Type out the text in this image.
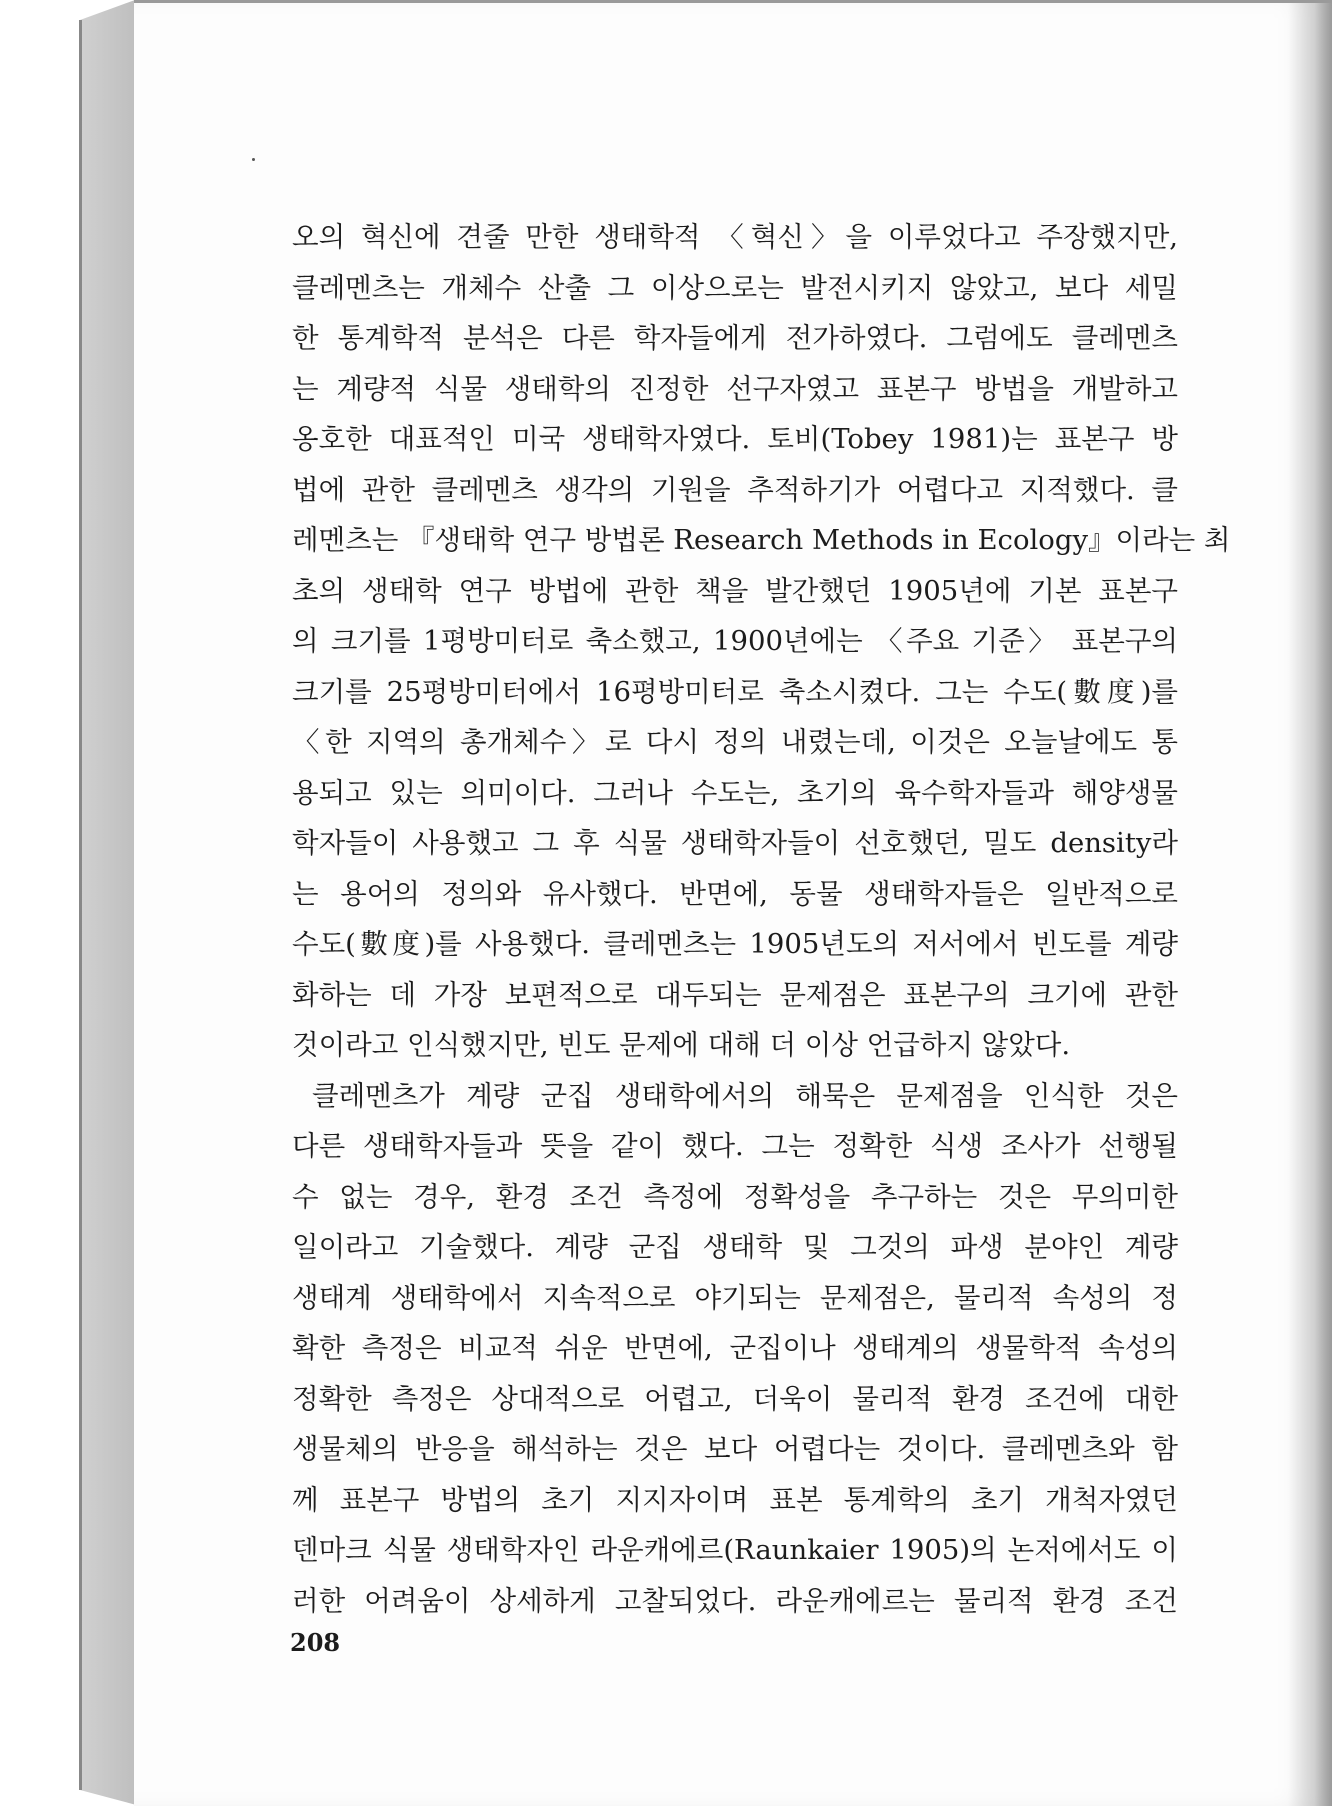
오의 혁신에 견줄 만한 생태학적 〈혁신〉을 이루었다고 주장했지만,
클레멘츠는 개체수 산출 그 이상으로는 발전시키지 않았고, 보다 세밀
한 통계학적 분석은 다른 학자들에게 전가하였다. 그럼에도 클레멘츠
는 계량적 식물 생태학의 진정한 선구자였고 표본구 방법을 개발하고
옹호한 대표적인 미국 생태학자였다. 토비(Tobey 1981)는 표본구 방
법에 관한 클레멘츠 생각의 기원을 추적하기가 어렵다고 지적했다. 클
레멘츠는 『생태학 연구 방법론 Research Methods in Ecology』이라는 최
초의 생태학 연구 방법에 관한 책을 발간했던 1905년에 기본 표본구
의 크기를 1평방미터로 축소했고, 1900년에는 〈주요 기준〉 표본구의
크기를 25평방미터에서 16평방미터로 축소시켰다. 그는 수도(數度)를
〈한 지역의 총개체수〉로 다시 정의 내렸는데, 이것은 오늘날에도 통
용되고 있는 의미이다. 그러나 수도는, 초기의 육수학자들과 해양생물
학자들이 사용했고 그 후 식물 생태학자들이 선호했던, 밀도 density라
는 용어의 정의와 유사했다. 반면에, 동물 생태학자들은 일반적으로
수도(數度)를 사용했다. 클레멘츠는 1905년도의 저서에서 빈도를 계량
화하는 데 가장 보편적으로 대두되는 문제점은 표본구의 크기에 관한
것이라고 인식했지만, 빈도 문제에 대해 더 이상 언급하지 않았다.
클레멘츠가 계량 군집 생태학에서의 해묵은 문제점을 인식한 것은
다른 생태학자들과 뜻을 같이 했다. 그는 정확한 식생 조사가 선행될
수 없는 경우, 환경 조건 측정에 정확성을 추구하는 것은 무의미한
일이라고 기술했다. 계량 군집 생태학 및 그것의 파생 분야인 계량
생태계 생태학에서 지속적으로 야기되는 문제점은, 물리적 속성의 정
확한 측정은 비교적 쉬운 반면에, 군집이나 생태계의 생물학적 속성의
정확한 측정은 상대적으로 어렵고, 더욱이 물리적 환경 조건에 대한
생물체의 반응을 해석하는 것은 보다 어렵다는 것이다. 클레멘츠와 함
께 표본구 방법의 초기 지지자이며 표본 통계학의 초기 개척자였던
덴마크 식물 생태학자인 라운캐에르(Raunkaier 1905)의 논저에서도 이
러한 어려움이 상세하게 고찰되었다. 라운캐에르는 물리적 환경 조건
208
